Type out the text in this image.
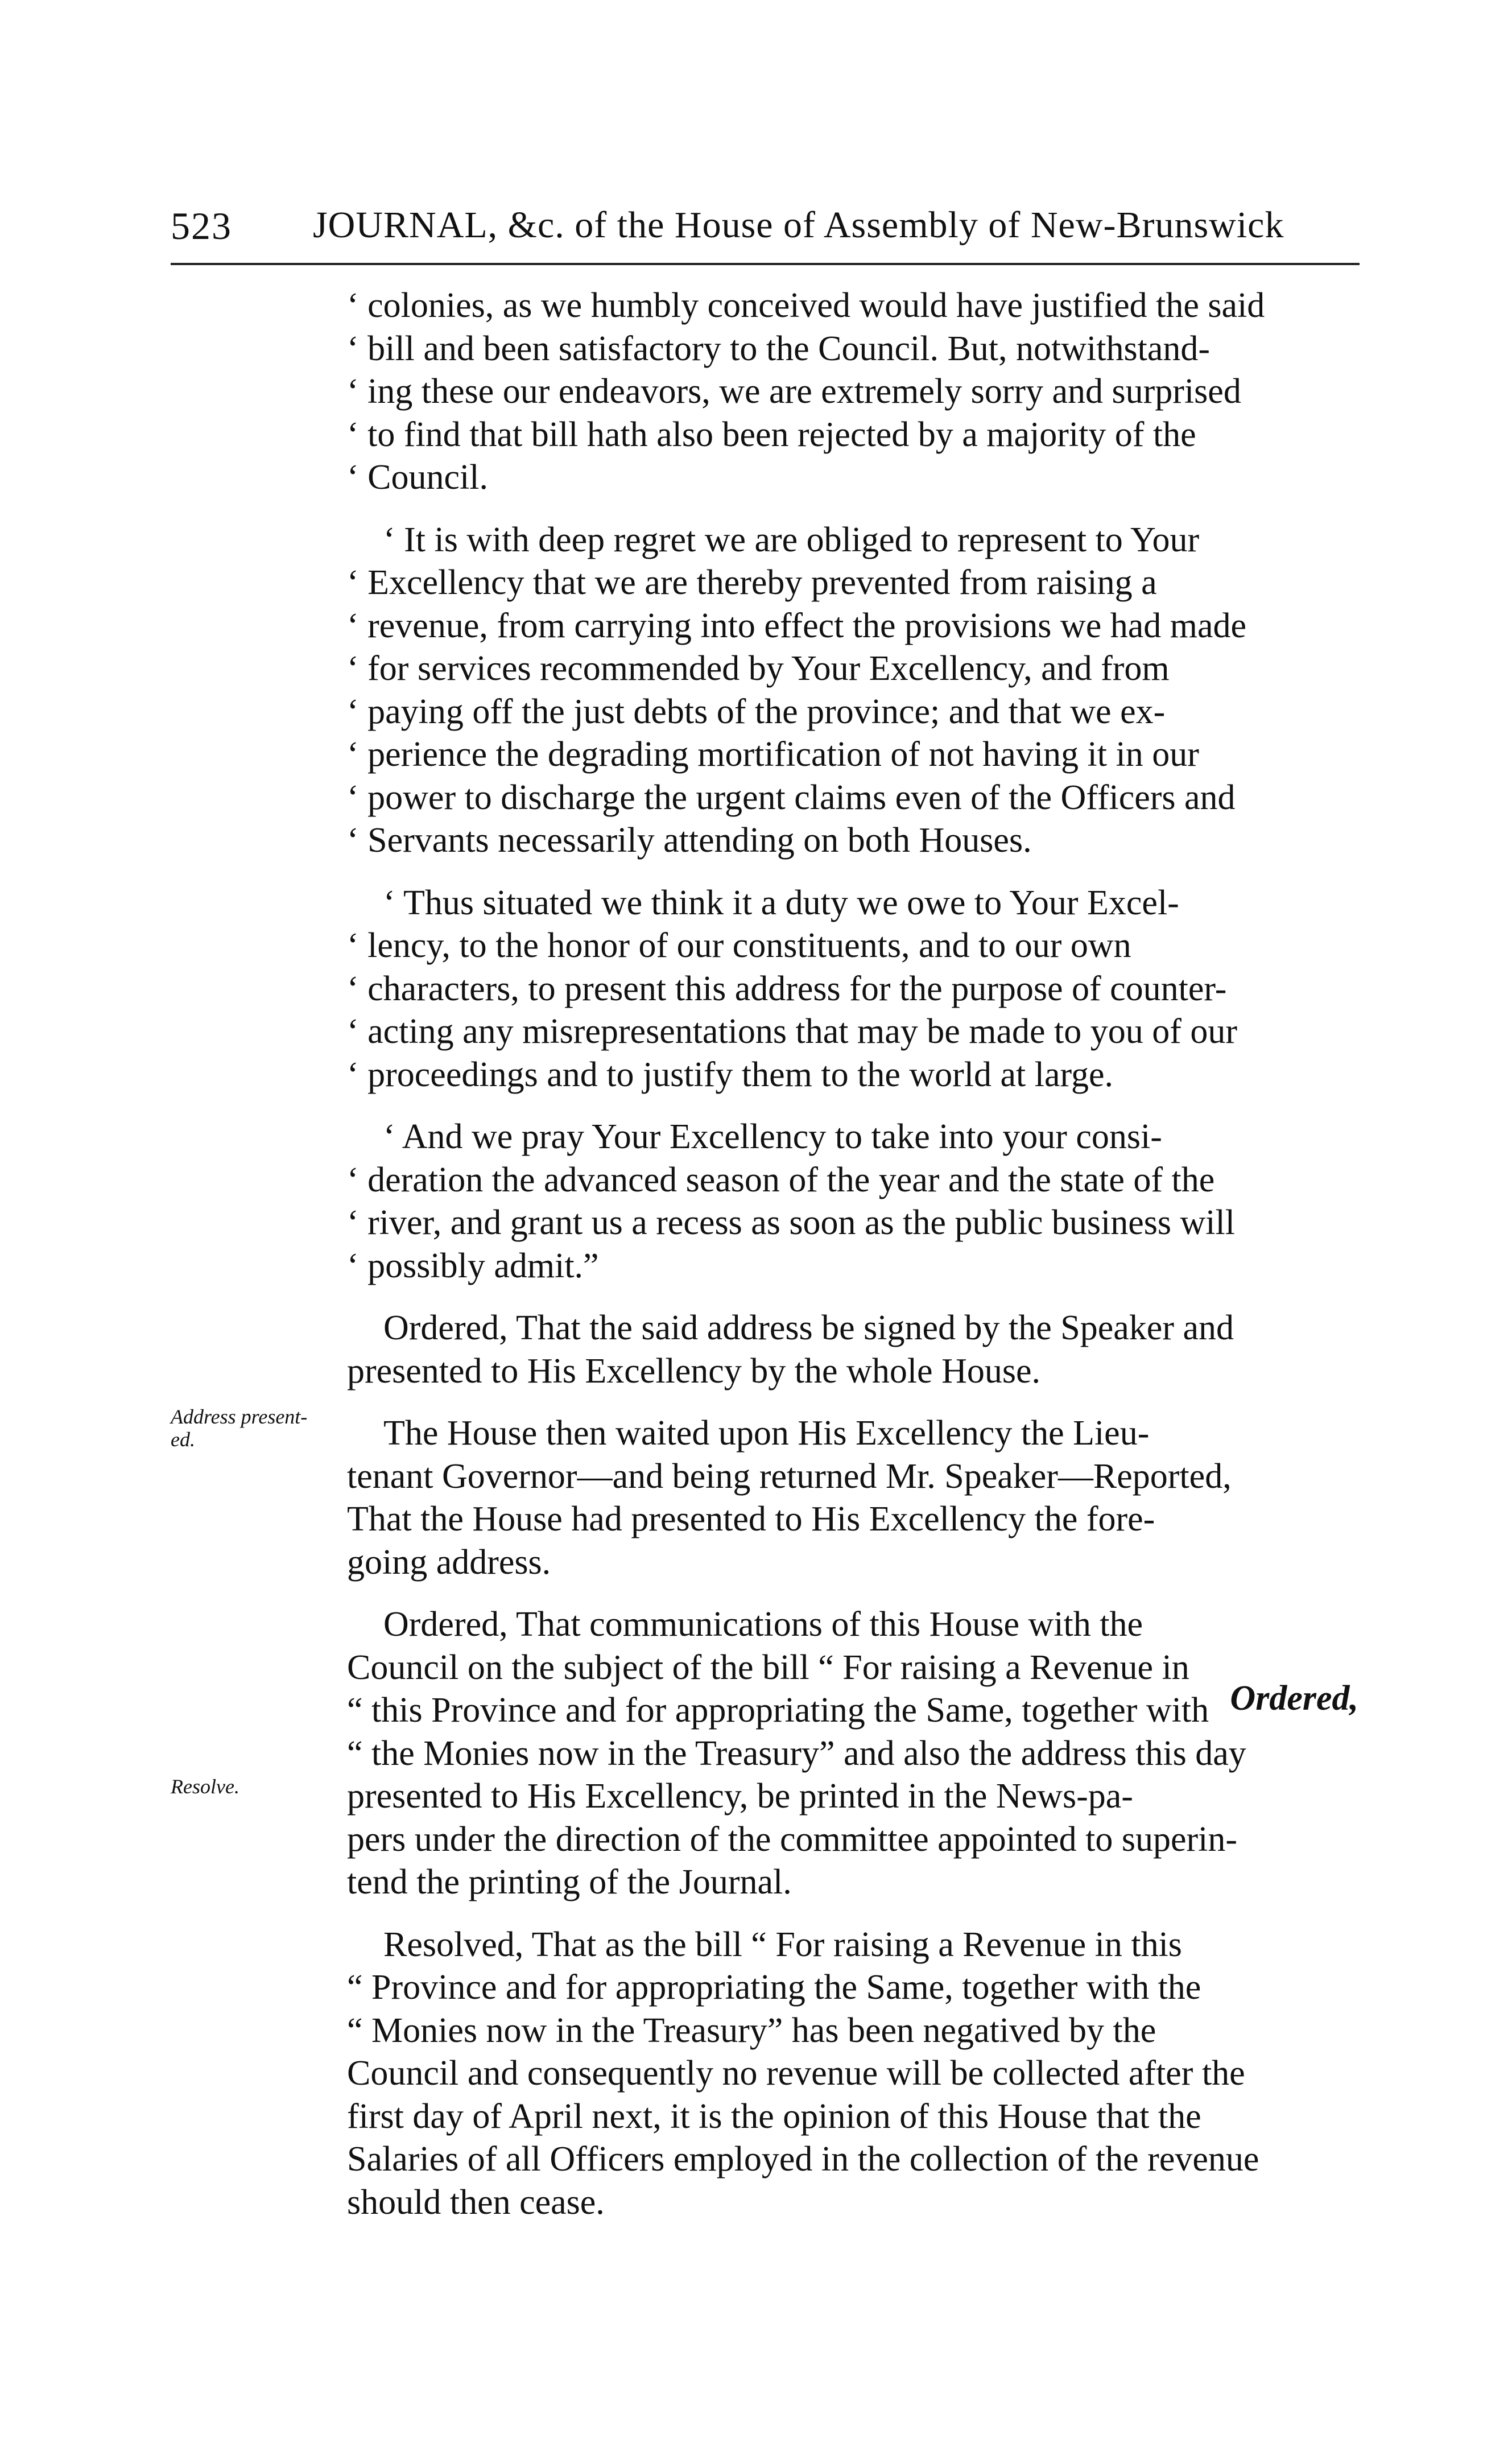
523 JOURNAL, &c. of the House of Assembly of New-Brunswick
‘ colonies, as we humbly conceived would have justified the said
‘ bill and been satisfactory to the Council. But, notwithstand-
‘ ing these our endeavors, we are extremely sorry and surprised
‘ to find that bill hath also been rejected by a majority of the
‘ Council.
‘ It is with deep regret we are obliged to represent to Your
‘ Excellency that we are thereby prevented from raising a
‘ revenue, from carrying into effect the provisions we had made
‘ for services recommended by Your Excellency, and from
‘ paying off the just debts of the province; and that we ex-
‘ perience the degrading mortification of not having it in our
‘ power to discharge the urgent claims even of the Officers and
‘ Servants necessarily attending on both Houses.
‘ Thus situated we think it a duty we owe to Your Excel-
‘ lency, to the honor of our constituents, and to our own
‘ characters, to present this address for the purpose of counter-
‘ acting any misrepresentations that may be made to you of our
‘ proceedings and to justify them to the world at large.
‘ And we pray Your Excellency to take into your consi-
‘ deration the advanced season of the year and the state of the
‘ river, and grant us a recess as soon as the public business will
‘ possibly admit.”
Ordered, That the said address be signed by the Speaker and
presented to His Excellency by the whole House.
The House then waited upon His Excellency the Lieu-
tenant Governor—and being returned Mr. Speaker—Reported,
That the House had presented to His Excellency the fore-
going address.
Ordered, That communications of this House with the
Council on the subject of the bill “ For raising a Revenue in
“ this Province and for appropriating the Same, together with
“ the Monies now in the Treasury” and also the address this day
presented to His Excellency, be printed in the News-pa-
pers under the direction of the committee appointed to superin-
tend the printing of the Journal.
Resolved, That as the bill “ For raising a Revenue in this
“ Province and for appropriating the Same, together with the
“ Monies now in the Treasury” has been negatived by the
Council and consequently no revenue will be collected after the
first day of April next, it is the opinion of this House that the
Salaries of all Officers employed in the collection of the revenue
should then cease.
Address present-ed.
Resolve.
Ordered,
